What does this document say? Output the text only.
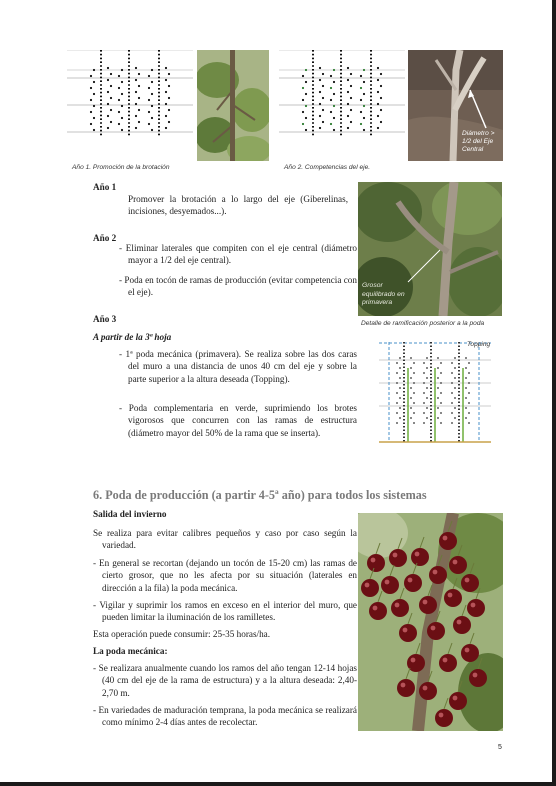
Diámetro > 1/2 del Eje Central
Año 1. Promoción de la brotación	Año 2. Competencias del eje.
Año 1
Promover la brotación a lo largo del eje (Giberelinas, incisiones, desyemados...).
Año 2
- Eliminar laterales que compiten con el eje central (diámetro mayor a 1/2 del eje central).
- Poda en tocón de ramas de producción (evitar competencia con el eje).
Año 3
A partir de la 3ª hoja
- 1ª poda mecánica (primavera). Se realiza sobre las dos caras del muro a una distancia de unos 40 cm del eje y sobre la parte superior a la altura deseada (Topping).
- Poda complementaria en verde, suprimiendo los brotes vigorosos que concurren con las ramas de estructura (diámetro mayor del 50% de la rama que se inserta).
Grosor equilibrado en primavera
Detalle de ramificación posterior a la poda
Topping
6. Poda de producción (a partir 4-5ª año) para todos los sistemas
Salida del invierno
Se realiza para evitar calibres pequeños y caso por caso según la variedad.
- En general se recortan (dejando un tocón de 15-20 cm) las ramas de cierto grosor, que no les afecta por su situación (laterales en dirección a la fila) la poda mecánica.
- Vigilar y suprimir los ramos en exceso en el interior del muro, que pueden limitar la iluminación de los ramilletes.
Esta operación puede consumir: 25-35 horas/ha.
La poda mecánica:
- Se realizara anualmente cuando los ramos del año tengan 12-14 hojas (40 cm del eje de la rama de estructura) y a la altura deseada: 2,40-2,70 m.
- En variedades de maduración temprana, la poda mecánica se realizará como mínimo 2-4 días antes de recolectar.
5
